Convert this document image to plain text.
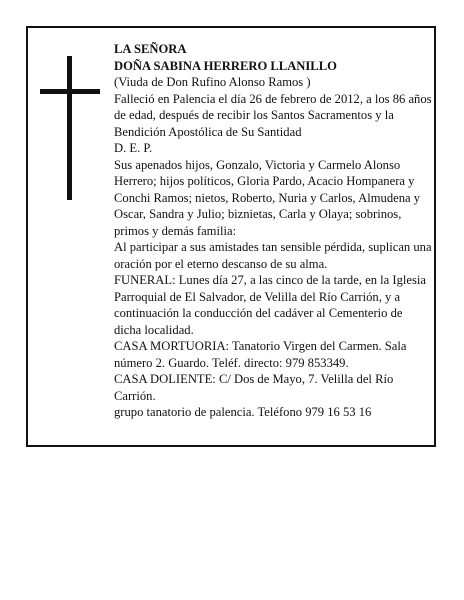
LA SEÑORA

DOÑA SABINA HERRERO LLANILLO

(Viuda de Don Rufino Alonso Ramos )

Falleció en Palencia el día 26 de febrero de 2012, a los 86 años de edad, después de recibir los Santos Sacramentos y la Bendición Apostólica de Su Santidad

D. E. P.

Sus apenados hijos, Gonzalo, Victoria y Carmelo Alonso Herrero; hijos políticos, Gloria Pardo, Acacio Hompanera y Conchi Ramos; nietos, Roberto, Nuria y Carlos, Almudena y Oscar, Sandra y Julio; biznietas, Carla y Olaya; sobrinos, primos y demás familia:

Al participar a sus amistades tan sensible pérdida, suplican una oración por el eterno descanso de su alma.

FUNERAL: Lunes día 27, a las cinco de la tarde, en la Iglesia Parroquial de El Salvador, de Velilla del Río Carrión, y a continuación la conducción del cadáver al Cementerio de dicha localidad.

CASA MORTUORIA: Tanatorio Virgen del Carmen. Sala número 2. Guardo. Teléf. directo: 979 853349.

CASA DOLIENTE: C/ Dos de Mayo, 7. Velilla del Río Carrión.

grupo tanatorio de palencia. Teléfono 979 16 53 16
